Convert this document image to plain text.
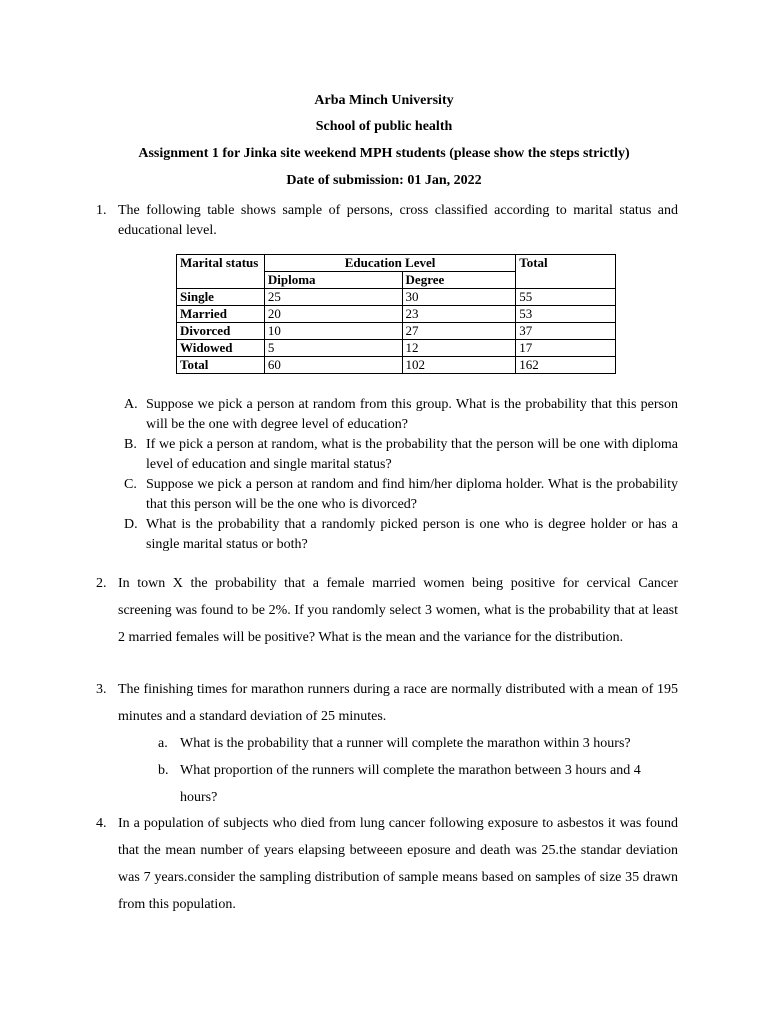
Arba Minch University
School of public health
Assignment 1 for Jinka site weekend MPH students (please show the steps strictly)
Date of submission: 01 Jan, 2022
1. The following table shows sample of persons, cross classified according to marital status and educational level.
Marital status	Education Level		Total
	Diploma	Degree	
Single	25	30	55
Married	20	23	53
Divorced	10	27	37
Widowed	5	12	17
Total	60	102	162
A. Suppose we pick a person at random from this group. What is the probability that this person will be the one with degree level of education?
B. If we pick a person at random, what is the probability that the person will be one with diploma level of education and single marital status?
C. Suppose we pick a person at random and find him/her diploma holder. What is the probability that this person will be the one who is divorced?
D. What is the probability that a randomly picked person is one who is degree holder or has a single marital status or both?
2. In town X the probability that a female married women being positive for cervical Cancer screening was found to be 2%. If you randomly select 3 women, what is the probability that at least 2 married females will be positive? What is the mean and the variance for the distribution.
3. The finishing times for marathon runners during a race are normally distributed with a mean of 195 minutes and a standard deviation of 25 minutes.
a. What is the probability that a runner will complete the marathon within 3 hours?
b. What proportion of the runners will complete the marathon between 3 hours and 4 hours?
4. In a population of subjects who died from lung cancer following exposure to asbestos it was found that the mean number of years elapsing betweeen eposure and death was 25.the standar deviation was 7 years.consider the sampling distribution of sample means based on samples of size 35 drawn from this population.
